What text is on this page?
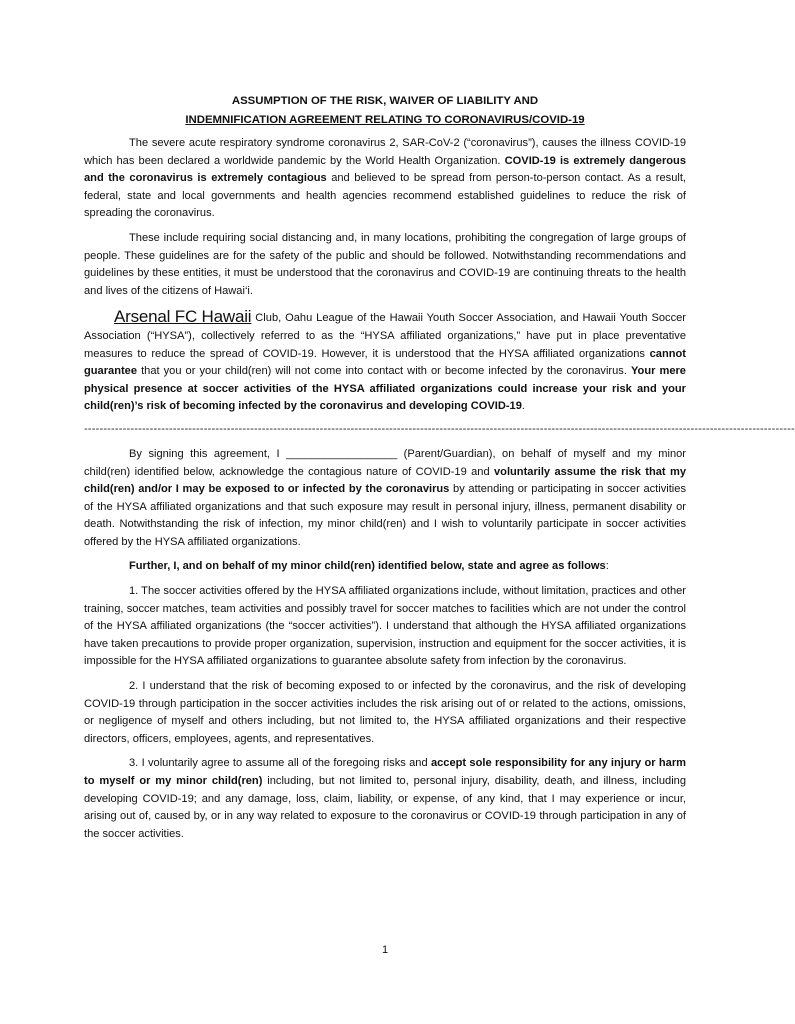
ASSUMPTION OF THE RISK, WAIVER OF LIABILITY AND
INDEMNIFICATION AGREEMENT RELATING TO CORONAVIRUS/COVID-19

The severe acute respiratory syndrome coronavirus 2, SAR-CoV-2 (“coronavirus”), causes the illness COVID-19 which has been declared a worldwide pandemic by the World Health Organization. COVID-19 is extremely dangerous and the coronavirus is extremely contagious and believed to be spread from person-to-person contact. As a result, federal, state and local governments and health agencies recommend established guidelines to reduce the risk of spreading the coronavirus.

These include requiring social distancing and, in many locations, prohibiting the congregation of large groups of people. These guidelines are for the safety of the public and should be followed. Notwithstanding recommendations and guidelines by these entities, it must be understood that the coronavirus and COVID-19 are continuing threats to the health and lives of the citizens of Hawai‘i.

Arsenal FC Hawaii Club, Oahu League of the Hawaii Youth Soccer Association, and Hawaii Youth Soccer Association (“HYSA”), collectively referred to as the “HYSA affiliated organizations,” have put in place preventative measures to reduce the spread of COVID-19. However, it is understood that the HYSA affiliated organizations cannot guarantee that you or your child(ren) will not come into contact with or become infected by the coronavirus. Your mere physical presence at soccer activities of the HYSA affiliated organizations could increase your risk and your child(ren)’s risk of becoming infected by the coronavirus and developing COVID-19.

----------------------------------------------------------------------------------------------------------------------------------------------------------------------------------------

By signing this agreement, I __________________ (Parent/Guardian), on behalf of myself and my minor child(ren) identified below, acknowledge the contagious nature of COVID-19 and voluntarily assume the risk that my child(ren) and/or I may be exposed to or infected by the coronavirus by attending or participating in soccer activities of the HYSA affiliated organizations and that such exposure may result in personal injury, illness, permanent disability or death. Notwithstanding the risk of infection, my minor child(ren) and I wish to voluntarily participate in soccer activities offered by the HYSA affiliated organizations.

Further, I, and on behalf of my minor child(ren) identified below, state and agree as follows:

1. The soccer activities offered by the HYSA affiliated organizations include, without limitation, practices and other training, soccer matches, team activities and possibly travel for soccer matches to facilities which are not under the control of the HYSA affiliated organizations (the “soccer activities”). I understand that although the HYSA affiliated organizations have taken precautions to provide proper organization, supervision, instruction and equipment for the soccer activities, it is impossible for the HYSA affiliated organizations to guarantee absolute safety from infection by the coronavirus.

2. I understand that the risk of becoming exposed to or infected by the coronavirus, and the risk of developing COVID-19 through participation in the soccer activities includes the risk arising out of or related to the actions, omissions, or negligence of myself and others including, but not limited to, the HYSA affiliated organizations and their respective directors, officers, employees, agents, and representatives.

3. I voluntarily agree to assume all of the foregoing risks and accept sole responsibility for any injury or harm to myself or my minor child(ren) including, but not limited to, personal injury, disability, death, and illness, including developing COVID-19; and any damage, loss, claim, liability, or expense, of any kind, that I may experience or incur, arising out of, caused by, or in any way related to exposure to the coronavirus or COVID-19 through participation in any of the soccer activities.

1
